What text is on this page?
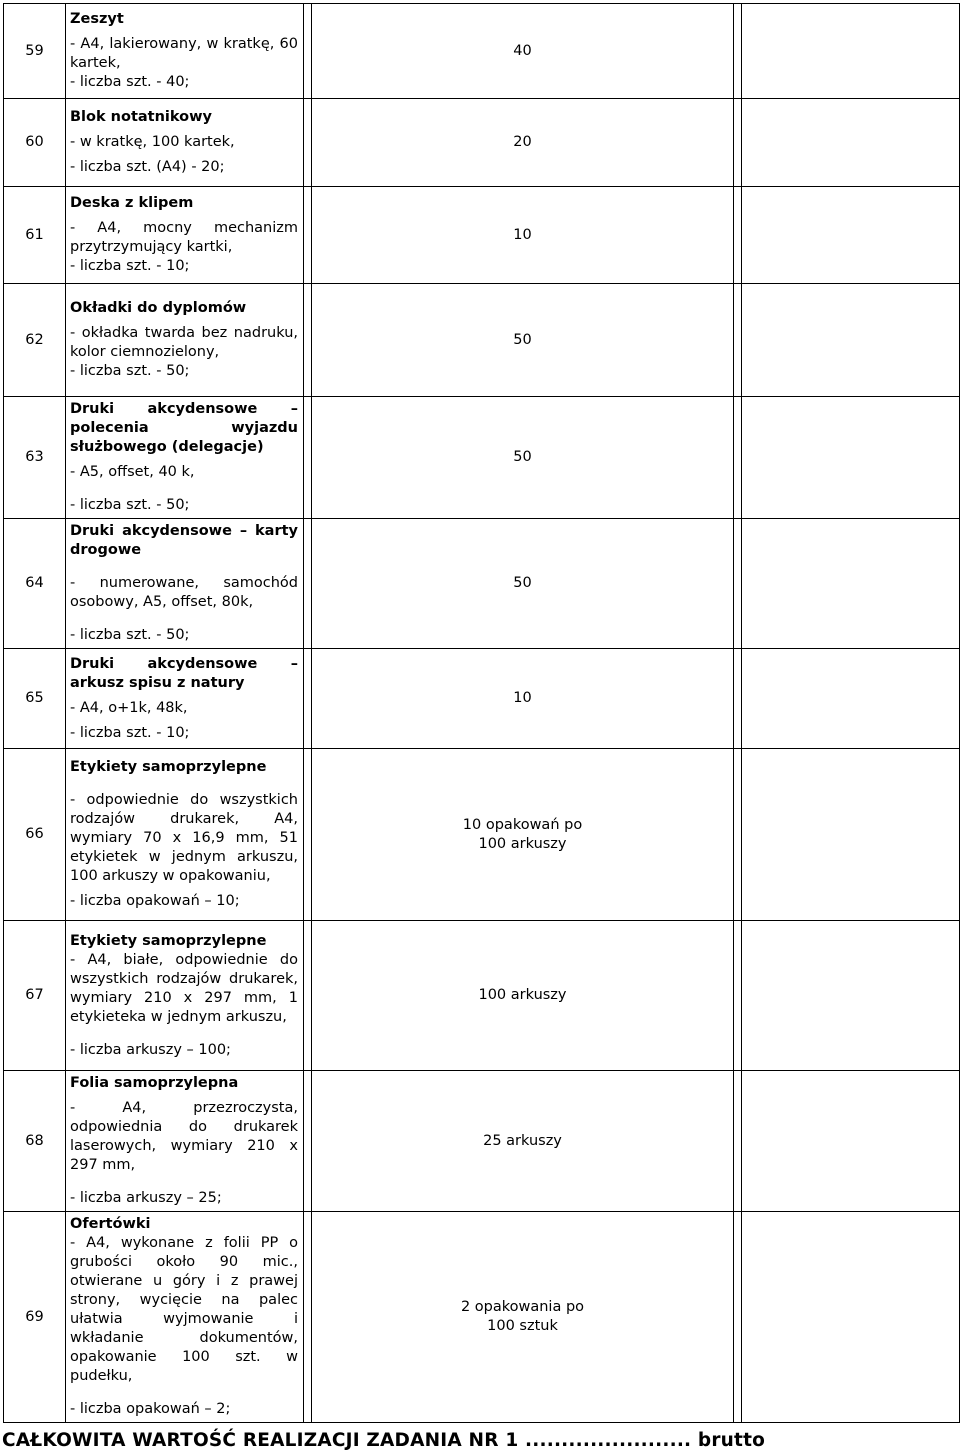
59	Zeszyt
- A4, lakierowany, w kratkę, 60 kartek,
- liczba szt. - 40;		40		
60	Blok notatnikowy
- w kratkę, 100 kartek,
- liczba szt. (A4) - 20;		20		
61	Deska z klipem
- A4, mocny mechanizm przytrzymujący kartki,
- liczba szt. - 10;		10		
62	Okładki do dyplomów
- okładka twarda bez nadruku, kolor ciemnozielony,
- liczba szt. - 50;		50		
63	Druki akcydensowe – polecenia wyjazdu służbowego (delegacje)
- A5, offset, 40 k,
- liczba szt. - 50;		50		
64	Druki akcydensowe – karty drogowe
- numerowane, samochód osobowy, A5, offset, 80k,
- liczba szt. - 50;		50		
65	Druki akcydensowe – arkusz spisu z natury
- A4, o+1k, 48k,
- liczba szt. - 10;		10		
66	Etykiety samoprzylepne
- odpowiednie do wszystkich rodzajów drukarek, A4, wymiary 70 x 16,9 mm, 51 etykietek w jednym arkuszu, 100 arkuszy w opakowaniu,
- liczba opakowań – 10;		10 opakowań po 100 arkuszy		
67	Etykiety samoprzylepne
- A4, białe, odpowiednie do wszystkich rodzajów drukarek, wymiary 210 x 297 mm, 1 etykieteka w jednym arkuszu,
- liczba arkuszy – 100;		100 arkuszy		
68	Folia samoprzylepna
- A4, przezroczysta, odpowiednia do drukarek laserowych, wymiary 210 x 297 mm,
- liczba arkuszy – 25;		25 arkuszy		
69	Ofertówki
- A4, wykonane z folii PP o grubości około 90 mic., otwierane u góry i z prawej strony, wycięcie na palec ułatwia wyjmowanie i wkładanie dokumentów, opakowanie 100 szt. w pudełku,
- liczba opakowań – 2;		2 opakowania po 100 sztuk		
CAŁKOWITA WARTOŚĆ REALIZACJI ZADANIA NR 1 ....................... brutto
